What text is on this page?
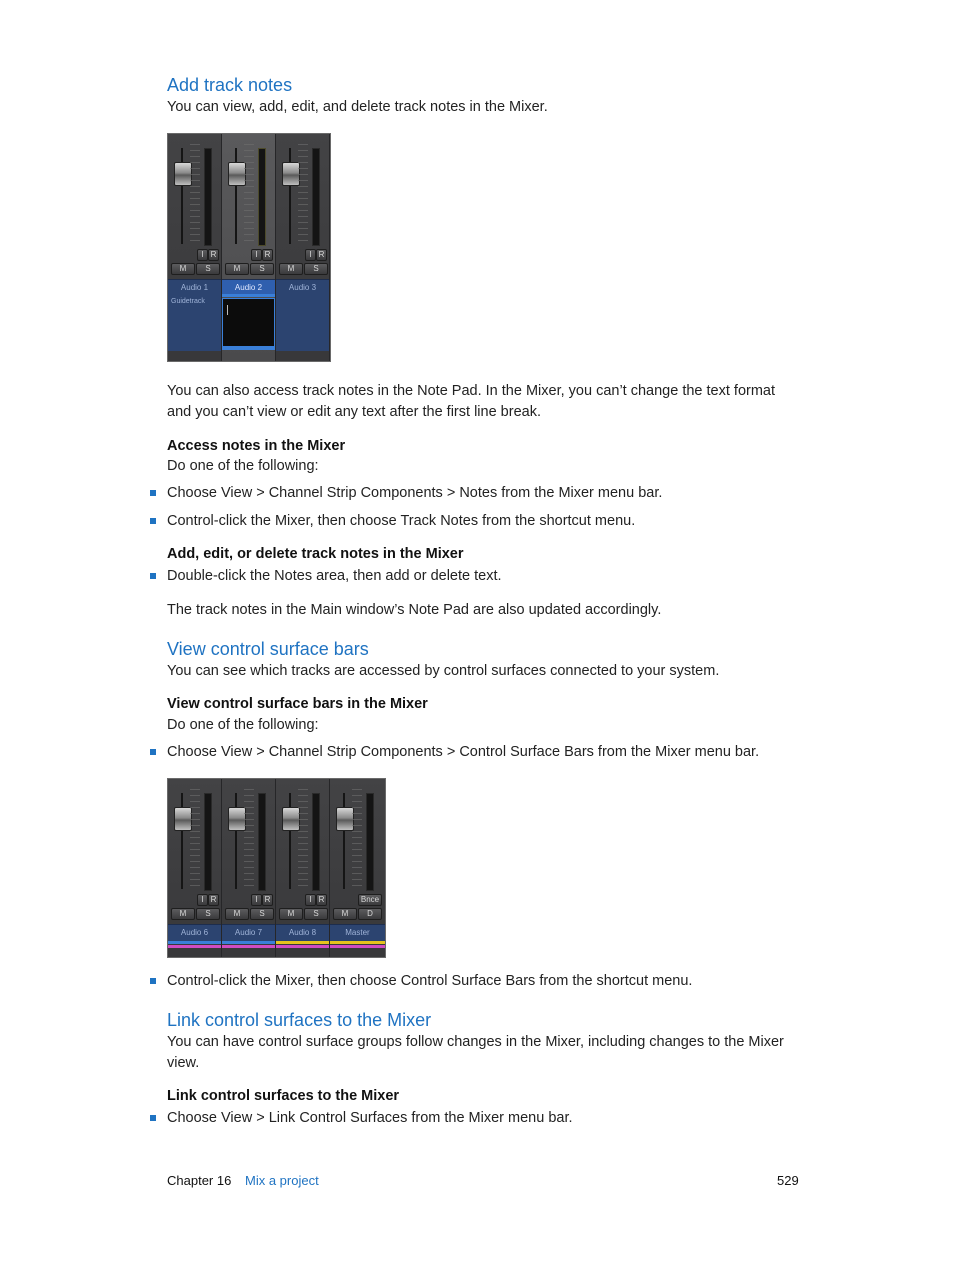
Add track notes

You can view, add, edit, and delete track notes in the Mixer.

I R
M	S
Audio 1
Guidetrack
I R
M	S
Audio 2
I R
M	S
Audio 3

You can also access track notes in the Note Pad. In the Mixer, you can’t change the text format and you can’t view or edit any text after the first line break.

Access notes in the Mixer

Do one of the following:

Choose View > Channel Strip Components > Notes from the Mixer menu bar.
Control-click the Mixer, then choose Track Notes from the shortcut menu.
Add, edit, or delete track notes in the Mixer
Double-click the Notes area, then add or delete text.

The track notes in the Main window’s Note Pad are also updated accordingly.

View control surface bars

You can see which tracks are accessed by control surfaces connected to your system.

View control surface bars in the Mixer

Do one of the following:

Choose View > Channel Strip Components > Control Surface Bars from the Mixer menu bar.
I R
M	S
Audio 6
I R
M	S
Audio 7
I R
M	S
Audio 8
Bnce
M	D
Master
Control-click the Mixer, then choose Control Surface Bars from the shortcut menu.
Link control surfaces to the Mixer

You can have control surface groups follow changes in the Mixer, including changes to the Mixer view.

Link control surfaces to the Mixer
Choose View > Link Control Surfaces from the Mixer menu bar.
Chapter 16 Mix a project	529
